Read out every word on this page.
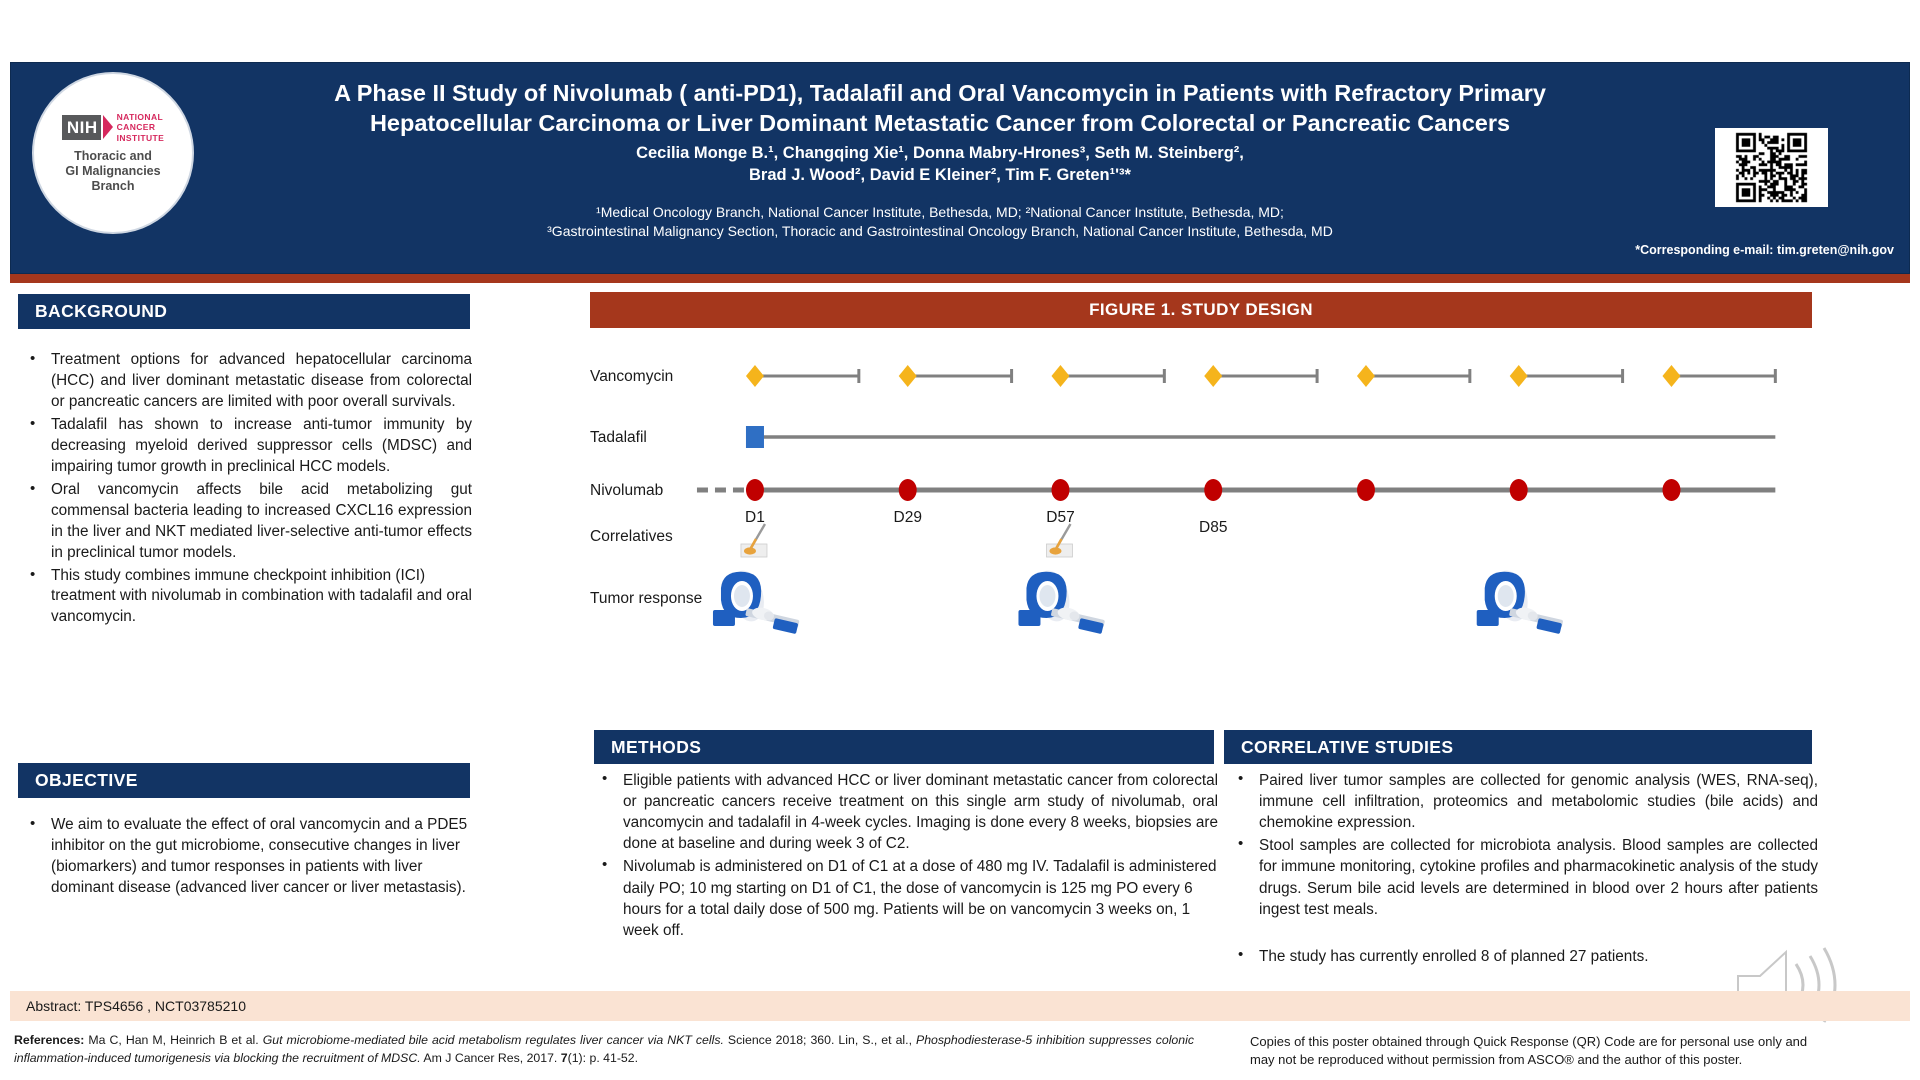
NIH
NATIONAL
CANCER
INSTITUTE
Thoracic and
GI Malignancies
Branch
A Phase II Study of Nivolumab ( anti-PD1), Tadalafil and Oral Vancomycin in Patients with Refractory Primary
Hepatocellular Carcinoma or Liver Dominant Metastatic Cancer from Colorectal or Pancreatic Cancers
Cecilia Monge B.¹, Changqing Xie¹, Donna Mabry-Hrones³, Seth M. Steinberg²,
Brad J. Wood², David E Kleiner², Tim F. Greten¹'³*
¹Medical Oncology Branch, National Cancer Institute, Bethesda, MD; ²National Cancer Institute, Bethesda, MD;
³Gastrointestinal Malignancy Section, Thoracic and Gastrointestinal Oncology Branch, National Cancer Institute, Bethesda, MD
*Corresponding e-mail: tim.greten@nih.gov
BACKGROUND
• Treatment options for advanced hepatocellular carcinoma (HCC) and liver dominant metastatic disease from colorectal or pancreatic cancers are limited with poor overall survivals.
• Tadalafil has shown to increase anti-tumor immunity by decreasing myeloid derived suppressor cells (MDSC) and impairing tumor growth in preclinical HCC models.
• Oral vancomycin affects bile acid metabolizing gut commensal bacteria leading to increased CXCL16 expression in the liver and NKT mediated liver-selective anti-tumor effects in preclinical tumor models.
• This study combines immune checkpoint inhibition (ICI) treatment with nivolumab in combination with tadalafil and oral vancomycin.
OBJECTIVE
• We aim to evaluate the effect of oral vancomycin and a PDE5 inhibitor on the gut microbiome, consecutive changes in liver (biomarkers) and tumor responses in patients with liver dominant disease (advanced liver cancer or liver metastasis).
FIGURE 1. STUDY DESIGN
Vancomycin
Tadalafil
Nivolumab
Correlatives
Tumor response
D1	D29	D57
D85
METHODS
• Eligible patients with advanced HCC or liver dominant metastatic cancer from colorectal or pancreatic cancers receive treatment on this single arm study of nivolumab, oral vancomycin and tadalafil in 4-week cycles. Imaging is done every 8 weeks, biopsies are done at baseline and during week 3 of C2.
• Nivolumab is administered on D1 of C1 at a dose of 480 mg IV. Tadalafil is administered daily PO; 10 mg starting on D1 of C1, the dose of vancomycin is 125 mg PO every 6 hours for a total daily dose of 500 mg. Patients will be on vancomycin 3 weeks on, 1 week off.
CORRELATIVE STUDIES
• Paired liver tumor samples are collected for genomic analysis (WES, RNA-seq), immune cell infiltration, proteomics and metabolomic studies (bile acids) and chemokine expression.
• Stool samples are collected for microbiota analysis. Blood samples are collected for immune monitoring, cytokine profiles and pharmacokinetic analysis of the study drugs. Serum bile acid levels are determined in blood over 2 hours after patients ingest test meals.
• The study has currently enrolled 8 of planned 27 patients.
Abstract: TPS4656 , NCT03785210
References: Ma C, Han M, Heinrich B et al. Gut microbiome-mediated bile acid metabolism regulates liver cancer via NKT cells. Science 2018; 360. Lin, S., et al., Phosphodiesterase-5 inhibition suppresses colonic inflammation-induced tumorigenesis via blocking the recruitment of MDSC. Am J Cancer Res, 2017. 7(1): p. 41-52.
Copies of this poster obtained through Quick Response (QR) Code are for personal use only and
may not be reproduced without permission from ASCO® and the author of this poster.
